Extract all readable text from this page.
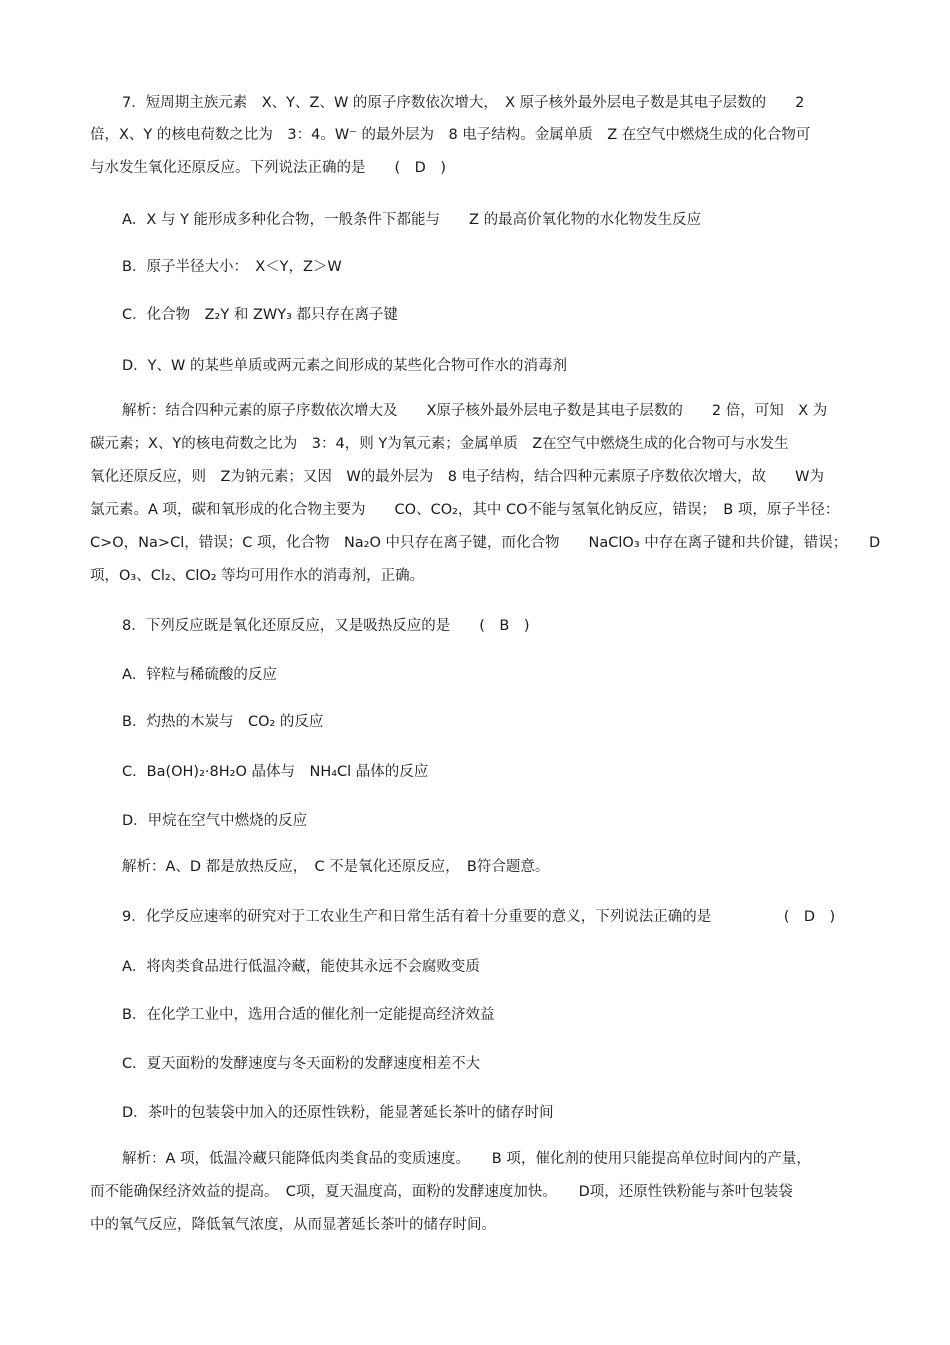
7．短周期主族元素　X、Y、Z、W 的原子序数依次增大，　X 原子核外最外层电子数是其电子层数的　　2
倍，X、Y 的核电荷数之比为　3：4。W⁻ 的最外层为　8 电子结构。金属单质　Z 在空气中燃烧生成的化合物可
与水发生氧化还原反应。下列说法正确的是　　(　D　)
A．X 与 Y 能形成多种化合物，一般条件下都能与　　Z 的最高价氧化物的水化物发生反应
B．原子半径大小：　X＜Y，Z＞W
C．化合物　Z₂Y 和 ZWY₃ 都只存在离子键
D．Y、W 的某些单质或两元素之间形成的某些化合物可作水的消毒剂
解析：结合四种元素的原子序数依次增大及　　X原子核外最外层电子数是其电子层数的　　2 倍，可知　X 为
碳元素；X、Y的核电荷数之比为　3：4，则 Y为氧元素；金属单质　Z在空气中燃烧生成的化合物可与水发生
氧化还原反应，则　Z为钠元素；又因　W的最外层为　8 电子结构，结合四种元素原子序数依次增大，故　　W为
氯元素。A 项，碳和氧形成的化合物主要为　　CO、CO₂，其中 CO不能与氢氧化钠反应，错误；　B 项，原子半径：
C>O，Na>Cl，错误；C 项，化合物　Na₂O 中只存在离子键，而化合物　　NaClO₃ 中存在离子键和共价键，错误；　　D
项，O₃、Cl₂、ClO₂ 等均可用作水的消毒剂，正确。
8．下列反应既是氧化还原反应，又是吸热反应的是　　(　B　)
A．锌粒与稀硫酸的反应
B．灼热的木炭与　CO₂ 的反应
C．Ba(OH)₂·8H₂O 晶体与　NH₄Cl 晶体的反应
D．甲烷在空气中燃烧的反应
解析：A、D 都是放热反应，　C 不是氧化还原反应，　B符合题意。
9．化学反应速率的研究对于工农业生产和日常生活有着十分重要的意义，下列说法正确的是　　　　　(　D　)
A．将肉类食品进行低温冷藏，能使其永远不会腐败变质
B．在化学工业中，选用合适的催化剂一定能提高经济效益
C．夏天面粉的发酵速度与冬天面粉的发酵速度相差不大
D．茶叶的包装袋中加入的还原性铁粉，能显著延长茶叶的储存时间
解析：A 项，低温冷藏只能降低肉类食品的变质速度。　　B 项，催化剂的使用只能提高单位时间内的产量，
而不能确保经济效益的提高。　C项，夏天温度高，面粉的发酵速度加快。　　D项，还原性铁粉能与茶叶包装袋
中的氧气反应，降低氧气浓度，从而显著延长茶叶的储存时间。
